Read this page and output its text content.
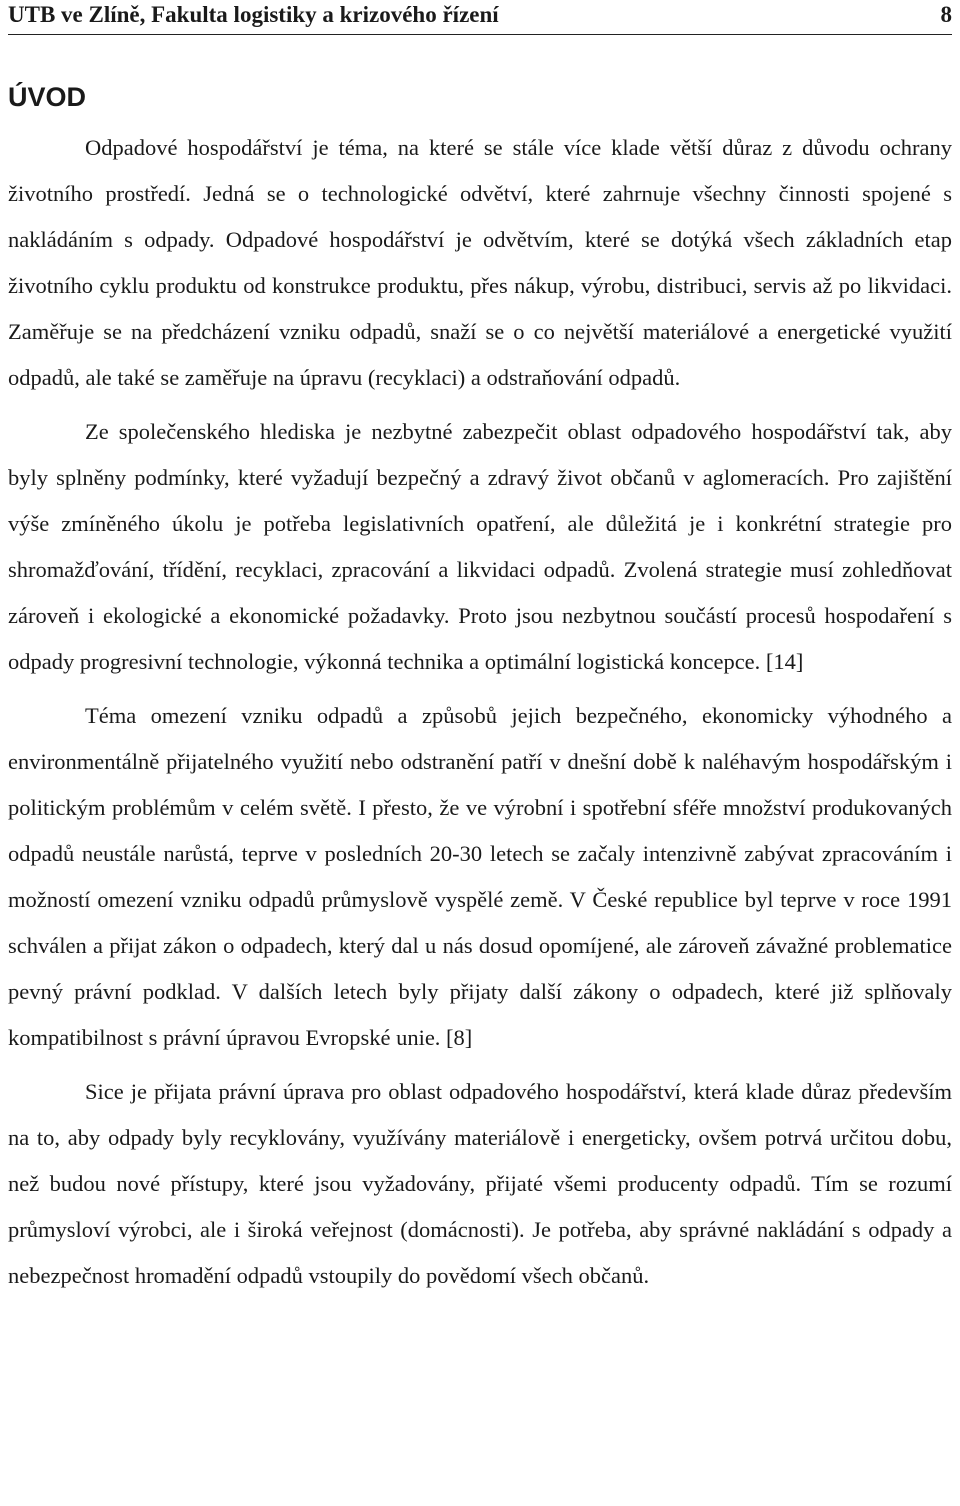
UTB ve Zlíně, Fakulta logistiky a krizového řízení	8
ÚVOD

Odpadové hospodářství je téma, na které se stále více klade větší důraz z důvodu ochrany životního prostředí. Jedná se o technologické odvětví, které zahrnuje všechny činnosti spojené s nakládáním s odpady. Odpadové hospodářství je odvětvím, které se dotýká všech základních etap životního cyklu produktu od konstrukce produktu, přes nákup, výrobu, distribuci, servis až po likvidaci. Zaměřuje se na předcházení vzniku odpadů, snaží se o co největší materiálové a energetické využití odpadů, ale také se zaměřuje na úpravu (recyklaci) a odstraňování odpadů.

Ze společenského hlediska je nezbytné zabezpečit oblast odpadového hospodářství tak, aby byly splněny podmínky, které vyžadují bezpečný a zdravý život občanů v aglomeracích. Pro zajištění výše zmíněného úkolu je potřeba legislativních opatření, ale důležitá je i konkrétní strategie pro shromažďování, třídění, recyklaci, zpracování a likvidaci odpadů. Zvolená strategie musí zohledňovat zároveň i ekologické a ekonomické požadavky. Proto jsou nezbytnou součástí procesů hospodaření s odpady progresivní technologie, výkonná technika a optimální logistická koncepce. [14]

Téma omezení vzniku odpadů a způsobů jejich bezpečného, ekonomicky výhodného a environmentálně přijatelného využití nebo odstranění patří v dnešní době k naléhavým hospodářským i politickým problémům v celém světě. I přesto, že ve výrobní i spotřební sféře množství produkovaných odpadů neustále narůstá, teprve v posledních 20-30 letech se začaly intenzivně zabývat zpracováním i možností omezení vzniku odpadů průmyslově vyspělé země. V České republice byl teprve v roce 1991 schválen a přijat zákon o odpadech, který dal u nás dosud opomíjené, ale zároveň závažné problematice pevný právní podklad. V dalších letech byly přijaty další zákony o odpadech, které již splňovaly kompatibilnost s právní úpravou Evropské unie. [8]

Sice je přijata právní úprava pro oblast odpadového hospodářství, která klade důraz především na to, aby odpady byly recyklovány, využívány materiálově i energeticky, ovšem potrvá určitou dobu, než budou nové přístupy, které jsou vyžadovány, přijaté všemi producenty odpadů. Tím se rozumí průmysloví výrobci, ale i široká veřejnost (domácnosti). Je potřeba, aby správné nakládání s odpady a nebezpečnost hromadění odpadů vstoupily do povědomí všech občanů.
